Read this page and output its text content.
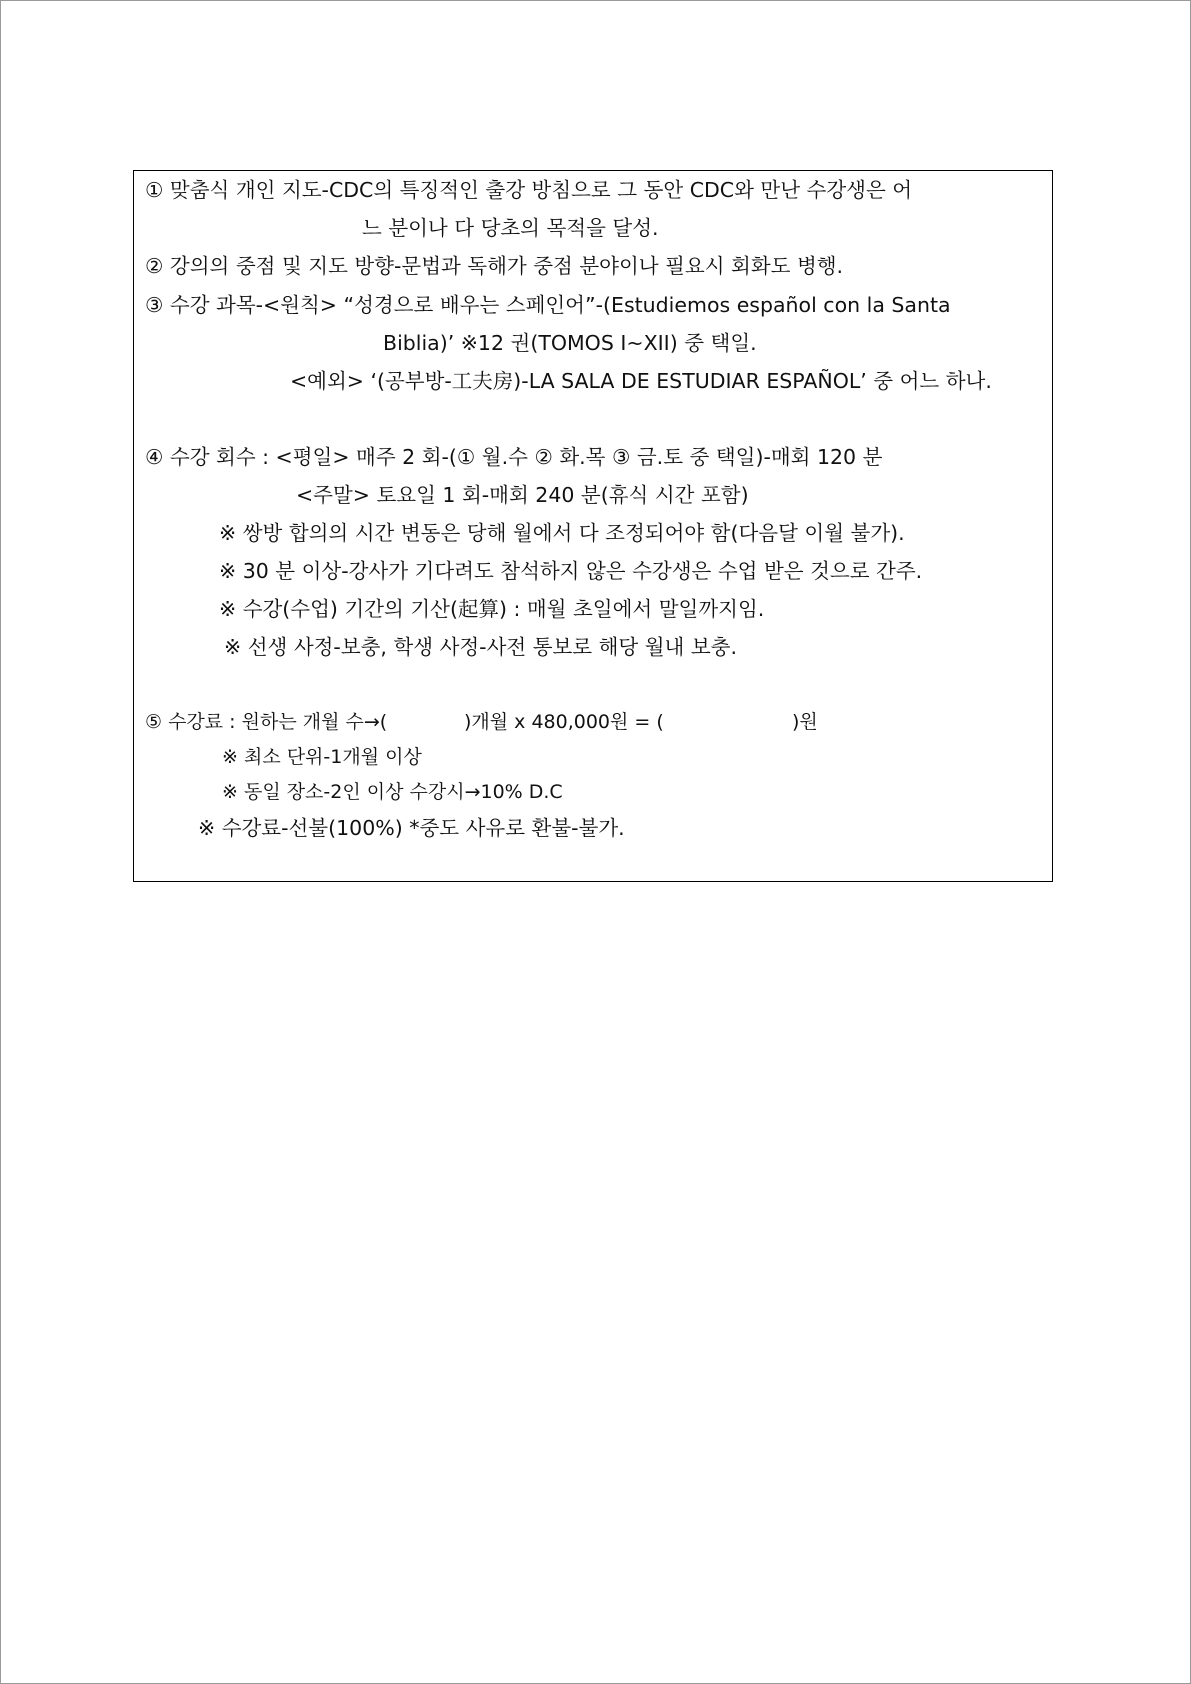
① 맞춤식 개인 지도-CDC의 특징적인 출강 방침으로 그 동안 CDC와 만난 수강생은 어
느 분이나 다 당초의 목적을 달성.
② 강의의 중점 및 지도 방향-문법과 독해가 중점 분야이나 필요시 회화도 병행.
③ 수강 과목-<원칙> “성경으로 배우는 스페인어”-(Estudiemos español con la Santa
Biblia)’ ※12 권(TOMOS I~XII) 중 택일.
<예외> ‘(공부방-工夫房)-LA SALA DE ESTUDIAR ESPAÑOL’ 중 어느 하나.
④ 수강 회수 : <평일> 매주 2 회-(① 월.수 ② 화.목 ③ 금.토 중 택일)-매회 120 분
<주말> 토요일 1 회-매회 240 분(휴식 시간 포함)
※ 쌍방 합의의 시간 변동은 당해 월에서 다 조정되어야 함(다음달 이월 불가).
※ 30 분 이상-강사가 기다려도 참석하지 않은 수강생은 수업 받은 것으로 간주.
※ 수강(수업) 기간의 기산(起算) : 매월 초일에서 말일까지임.
※ 선생 사정-보충, 학생 사정-사전 통보로 해당 월내 보충.
⑤ 수강료 : 원하는 개월 수→(	)개월 x 480,000원 = (	)원
※ 최소 단위-1개월 이상
※ 동일 장소-2인 이상 수강시→10% D.C
※ 수강료-선불(100%) *중도 사유로 환불-불가.
